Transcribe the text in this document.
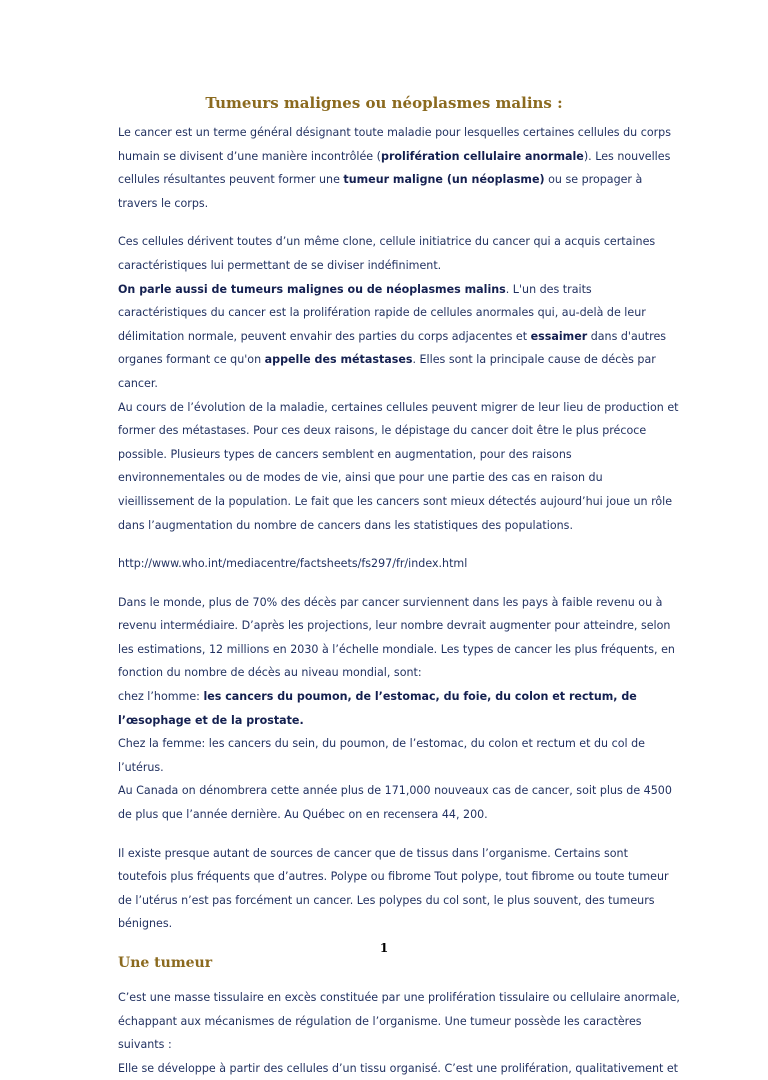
Tumeurs malignes ou néoplasmes malins :

Le cancer est un terme général désignant toute maladie pour lesquelles certaines cellules du corps humain se divisent d’une manière incontrôlée (prolifération cellulaire anormale). Les nouvelles cellules résultantes peuvent former une tumeur maligne (un néoplasme) ou se propager à travers le corps.

Ces cellules dérivent toutes d’un même clone, cellule initiatrice du cancer qui a acquis certaines caractéristiques lui permettant de se diviser indéfiniment.

On parle aussi de tumeurs malignes ou de néoplasmes malins. L'un des traits caractéristiques du cancer est la prolifération rapide de cellules anormales qui, au-delà de leur délimitation normale, peuvent envahir des parties du corps adjacentes et essaimer dans d'autres organes formant ce qu'on appelle des métastases. Elles sont la principale cause de décès par cancer.

Au cours de l’évolution de la maladie, certaines cellules peuvent migrer de leur lieu de production et former des métastases. Pour ces deux raisons, le dépistage du cancer doit être le plus précoce possible. Plusieurs types de cancers semblent en augmentation, pour des raisons environnementales ou de modes de vie, ainsi que pour une partie des cas en raison du vieillissement de la population. Le fait que les cancers sont mieux détectés aujourd’hui joue un rôle dans l’augmentation du nombre de cancers dans les statistiques des populations.

http://www.who.int/mediacentre/factsheets/fs297/fr/index.html

Dans le monde, plus de 70% des décès par cancer surviennent dans les pays à faible revenu ou à revenu intermédiaire. D’après les projections, leur nombre devrait augmenter pour atteindre, selon les estimations, 12 millions en 2030 à l’échelle mondiale. Les types de cancer les plus fréquents, en fonction du nombre de décès au niveau mondial, sont:

chez l’homme: les cancers du poumon, de l’estomac, du foie, du colon et rectum, de l’œsophage et de la prostate.

Chez la femme: les cancers du sein, du poumon, de l’estomac, du colon et rectum et du col de l’utérus.

Au Canada on dénombrera cette année plus de 171,000 nouveaux cas de cancer, soit plus de 4500 de plus que l’année dernière. Au Québec on en recensera 44, 200.

Il existe presque autant de sources de cancer que de tissus dans l’organisme. Certains sont toutefois plus fréquents que d’autres. Polype ou fibrome Tout polype, tout fibrome ou toute tumeur de l’utérus n’est pas forcément un cancer. Les polypes du col sont, le plus souvent, des tumeurs bénignes.

Une tumeur

C’est une masse tissulaire en excès constituée par une prolifération tissulaire ou cellulaire anormale, échappant aux mécanismes de régulation de l’organisme. Une tumeur possède les caractères suivants :

Elle se développe à partir des cellules d’un tissu organisé. C’est une prolifération, qualitativement et

1
